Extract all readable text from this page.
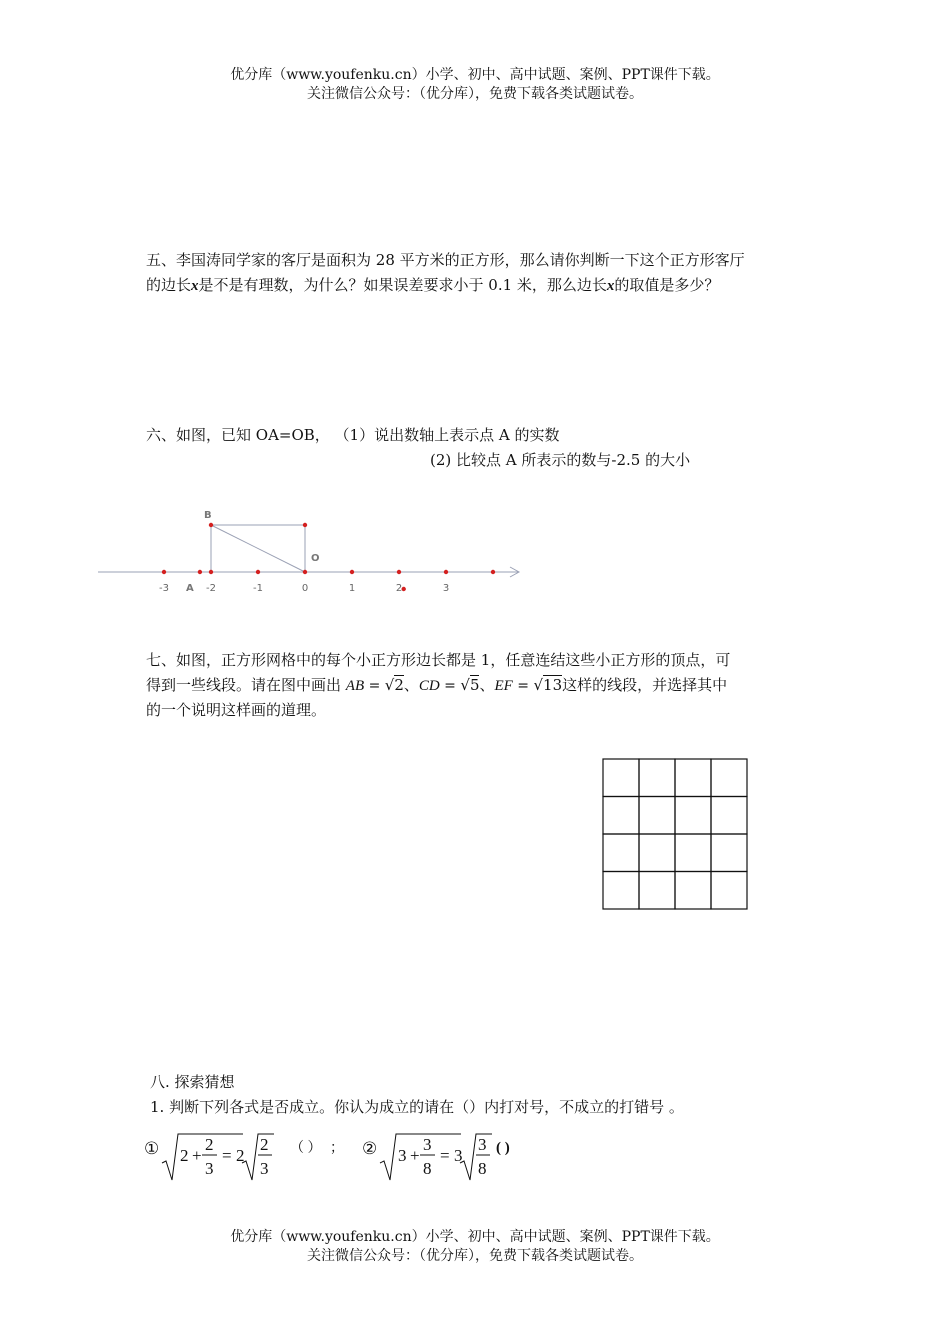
优分库（www.youfenku.cn）小学、初中、高中试题、案例、PPT课件下载。
关注微信公众号：（优分库），免费下载各类试题试卷。
五、李国涛同学家的客厅是面积为 28 平方米的正方形，那么请你判断一下这个正方形客厅
的边长x是不是有理数，为什么？如果误差要求小于 0.1 米，那么边长x的取值是多少？
六、如图，已知 OA=OB， （1）说出数轴上表示点 A 的实数
(2) 比较点 A 所表示的数与-2.5 的大小
B
O
A
-3	-2	-1	0	1	2	3
七、如图，正方形网格中的每个小正方形边长都是 1，任意连结这些小正方形的顶点，可
得到一些线段。请在图中画出 AB = √2、CD = √5、EF = √13这样的线段，并选择其中
的一个说明这样画的道理。
八. 探索猜想
1. 判断下列各式是否成立。你认为成立的请在（）内打对号，不成立的打错号 。
① 2 +
2
3
= 2
2
3
（ ） ； ② 3 +
3
8
= 3
3
8
( )
优分库（www.youfenku.cn）小学、初中、高中试题、案例、PPT课件下载。
关注微信公众号：（优分库），免费下载各类试题试卷。
